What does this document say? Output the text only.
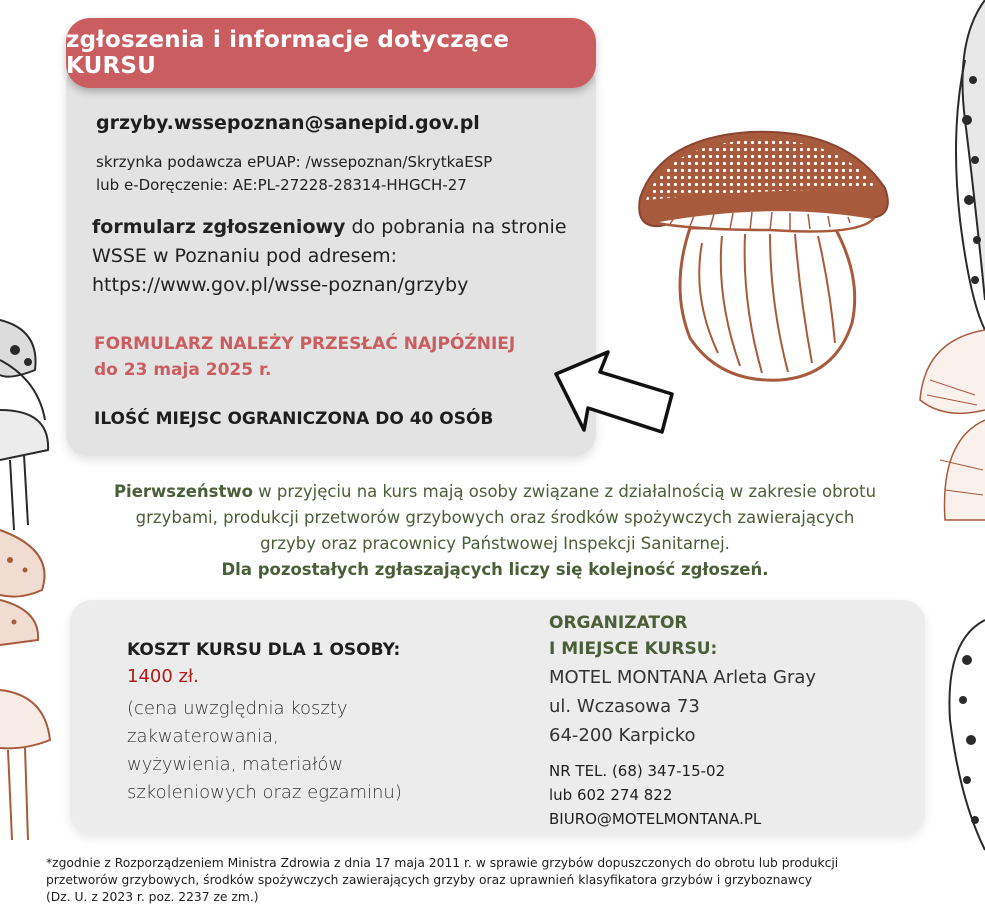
zgłoszenia i informacje dotyczące KURSU
grzyby.wssepoznan@sanepid.gov.pl
skrzynka podawcza ePUAP: /wssepoznan/SkrytkaESP
lub e-Doręczenie: AE:PL-27228-28314-HHGCH-27
formularz zgłoszeniowy do pobrania na stronie
WSSE w Poznaniu pod adresem:
https://www.gov.pl/wsse-poznan/grzyby
FORMULARZ NALEŻY PRZESŁAĆ NAJPÓŹNIEJ
do 23 maja 2025 r.
ILOŚĆ MIEJSC OGRANICZONA DO 40 OSÓB
Pierwszeństwo w przyjęciu na kurs mają osoby związane z działalnością w zakresie obrotu
grzybami, produkcji przetworów grzybowych oraz środków spożywczych zawierających
grzyby oraz pracownicy Państwowej Inspekcji Sanitarnej.
Dla pozostałych zgłaszających liczy się kolejność zgłoszeń.
KOSZT KURSU DLA 1 OSOBY:
1400 zł.
(cena uwzględnia koszty
zakwaterowania,
wyżywienia, materiałów
szkoleniowych oraz egzaminu)
ORGANIZATOR
I MIEJSCE KURSU:
MOTEL MONTANA Arleta Gray
ul. Wczasowa 73
64-200 Karpicko
NR TEL. (68) 347-15-02
lub 602 274 822
BIURO@MOTELMONTANA.PL
*zgodnie z Rozporządzeniem Ministra Zdrowia z dnia 17 maja 2011 r. w sprawie grzybów dopuszczonych do obrotu lub produkcji
przetworów grzybowych, środków spożywczych zawierających grzyby oraz uprawnień klasyfikatora grzybów i grzyboznawcy
(Dz. U. z 2023 r. poz. 2237 ze zm.)
